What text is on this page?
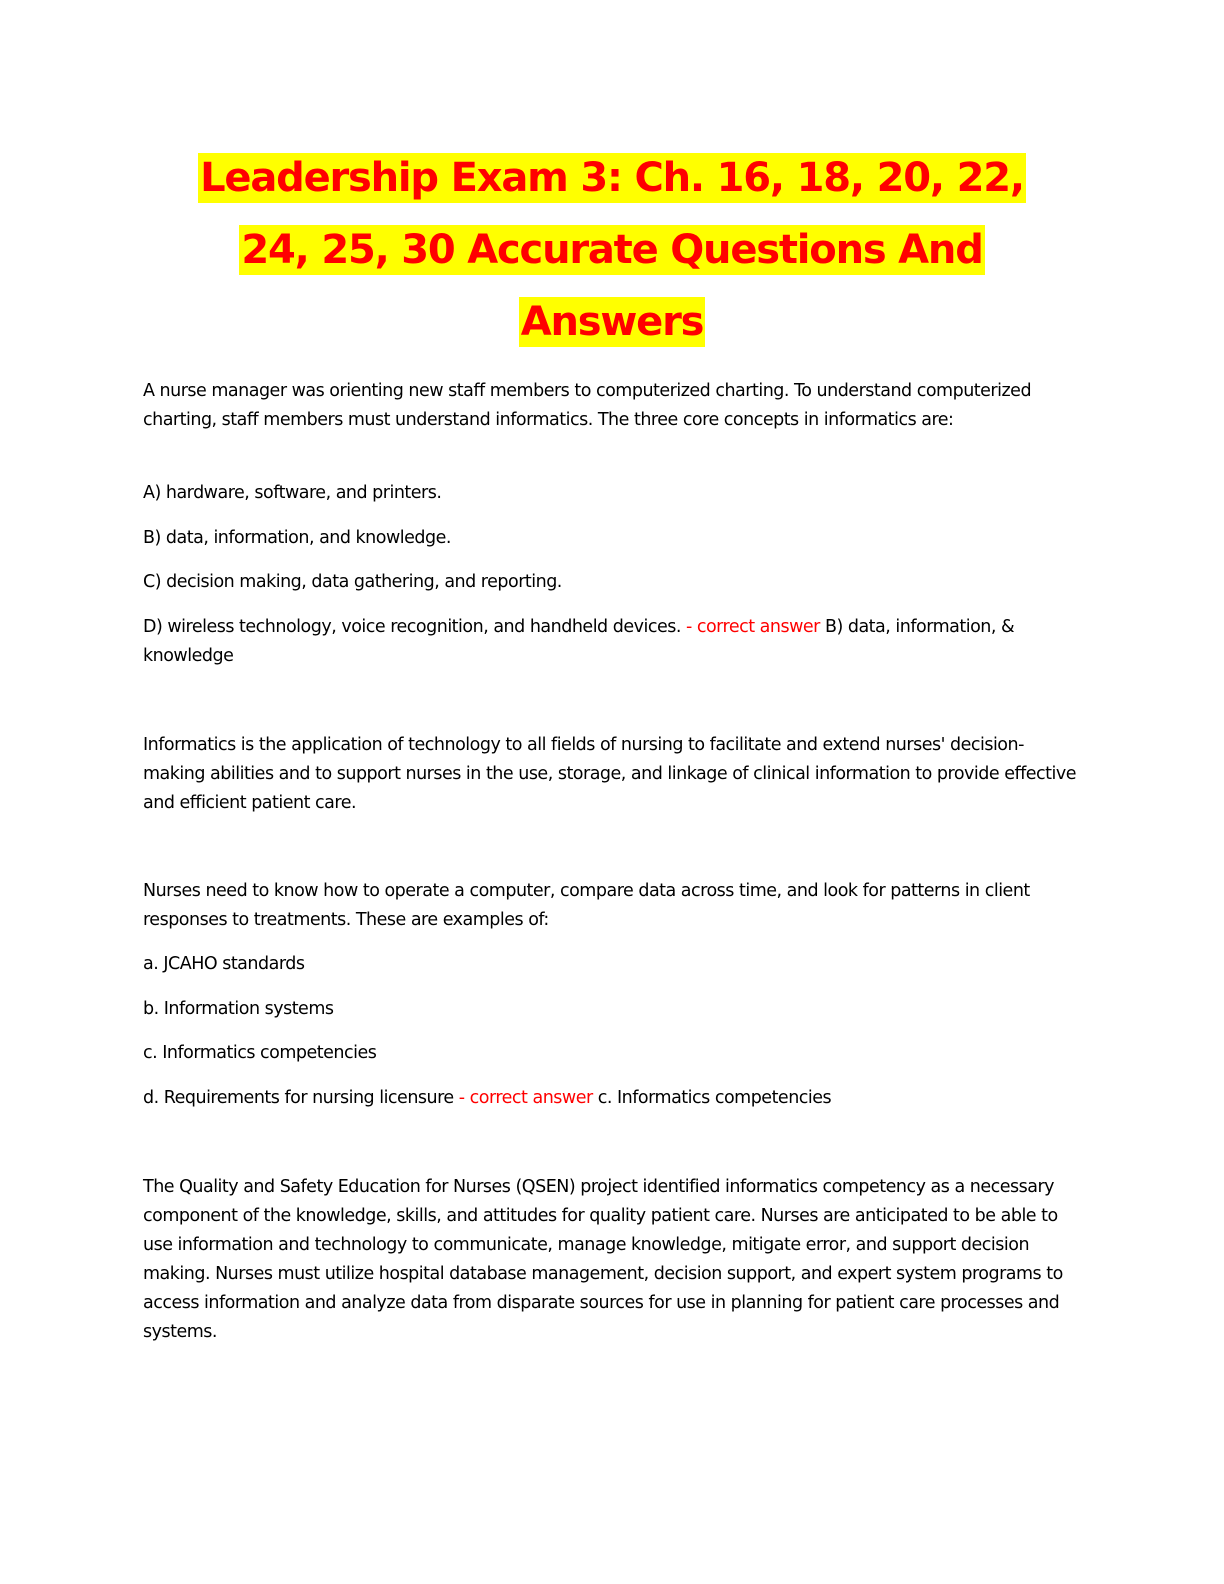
Leadership Exam 3: Ch. 16, 18, 20, 22,
24, 25, 30 Accurate Questions And
Answers
A nurse manager was orienting new staff members to computerized charting. To understand computerized charting, staff members must understand informatics. The three core concepts in informatics are:
A) hardware, software, and printers.
B) data, information, and knowledge.
C) decision making, data gathering, and reporting.
D) wireless technology, voice recognition, and handheld devices. - correct answer B) data, information, & knowledge
Informatics is the application of technology to all fields of nursing to facilitate and extend nurses' decision-making abilities and to support nurses in the use, storage, and linkage of clinical information to provide effective and efficient patient care.
Nurses need to know how to operate a computer, compare data across time, and look for patterns in client responses to treatments. These are examples of:
a. JCAHO standards
b. Information systems
c. Informatics competencies
d. Requirements for nursing licensure - correct answer c. Informatics competencies
The Quality and Safety Education for Nurses (QSEN) project identified informatics competency as a necessary component of the knowledge, skills, and attitudes for quality patient care. Nurses are anticipated to be able to use information and technology to communicate, manage knowledge, mitigate error, and support decision making. Nurses must utilize hospital database management, decision support, and expert system programs to access information and analyze data from disparate sources for use in planning for patient care processes and systems.
